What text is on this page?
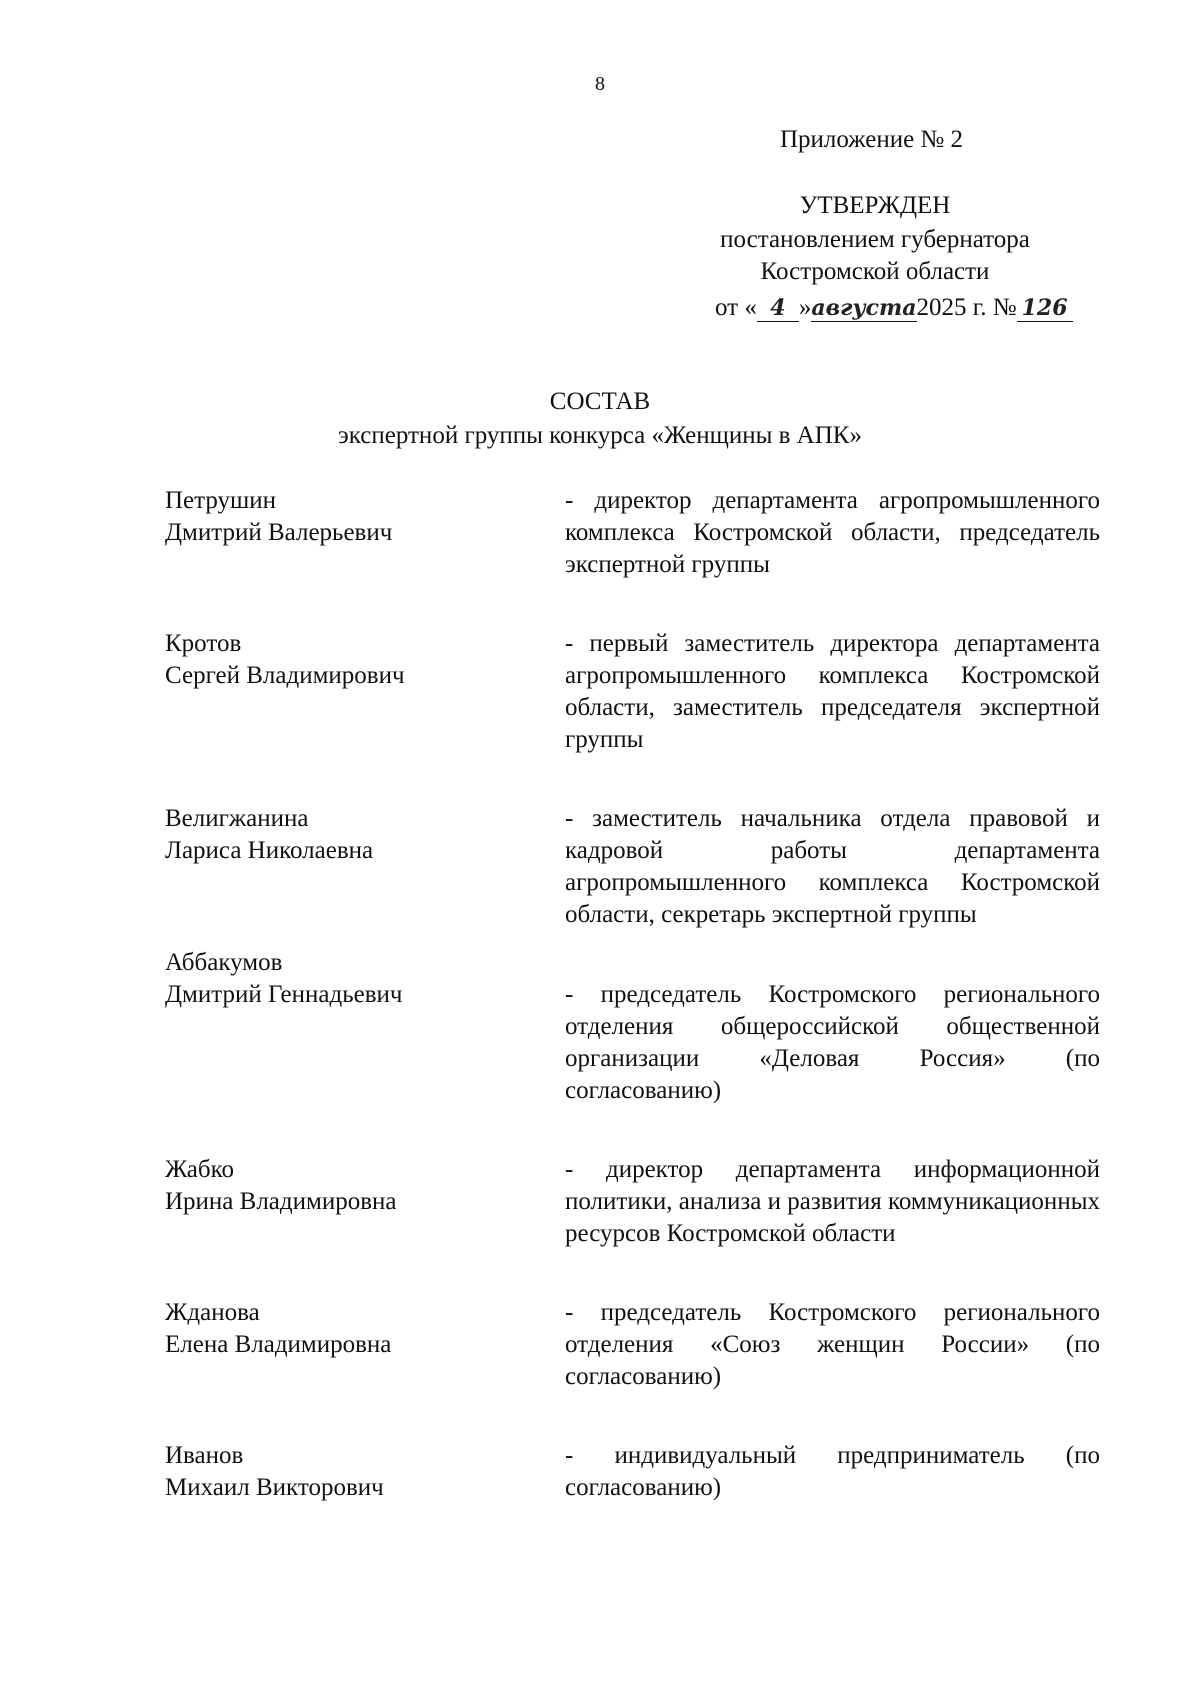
8
Приложение № 2
УТВЕРЖДЕН
постановлением губернатора
Костромской области
от « 4 »августа2025 г. № 126
СОСТАВ
экспертной группы конкурса «Женщины в АПК»
Петрушин
Дмитрий Валерьевич
- директор департамента агропромышленного комплекса Костромской области, председатель экспертной группы
Кротов
Сергей Владимирович
- первый заместитель директора департамента агропромышленного комплекса Костромской области, заместитель председателя экспертной группы
Велигжанина
Лариса Николаевна
- заместитель начальника отдела правовой и кадровой работы департамента агропромышленного комплекса Костромской области, секретарь экспертной группы
Аббакумов
Дмитрий Геннадьевич	- председатель Костромского регионального отделения общероссийской общественной организации «Деловая Россия» (по согласованию)
Жабко
Ирина Владимировна
- директор департамента информационной политики, анализа и развития коммуникационных ресурсов Костромской области
Жданова
Елена Владимировна
- председатель Костромского регионального отделения «Союз женщин России» (по согласованию)
Иванов
Михаил Викторович
- индивидуальный предприниматель (по согласованию)
